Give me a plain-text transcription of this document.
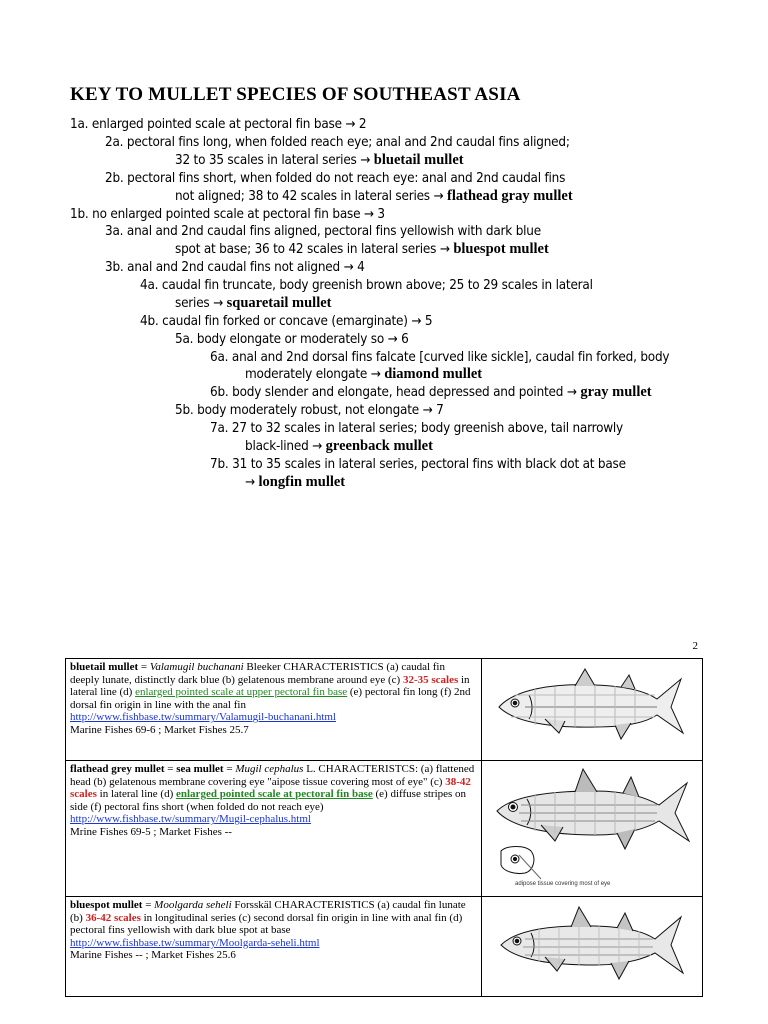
KEY TO MULLET SPECIES OF SOUTHEAST ASIA
1a. enlarged pointed scale at pectoral fin base → 2
2a. pectoral fins long, when folded reach eye; anal and 2nd caudal fins aligned;
32 to 35 scales in lateral series → bluetail mullet
2b. pectoral fins short, when folded do not reach eye: anal and 2nd caudal fins
not aligned; 38 to 42 scales in lateral series → flathead gray mullet
1b. no enlarged pointed scale at pectoral fin base → 3
3a. anal and 2nd caudal fins aligned, pectoral fins yellowish with dark blue
spot at base; 36 to 42 scales in lateral series → bluespot mullet
3b. anal and 2nd caudal fins not aligned → 4
4a. caudal fin truncate, body greenish brown above; 25 to 29 scales in lateral
series → squaretail mullet
4b. caudal fin forked or concave (emarginate) → 5
5a. body elongate or moderately so → 6
6a. anal and 2nd dorsal fins falcate [curved like sickle], caudal fin forked, body
moderately elongate → diamond mullet
6b. body slender and elongate, head depressed and pointed → gray mullet
5b. body moderately robust, not elongate → 7
7a. 27 to 32 scales in lateral series; body greenish above, tail narrowly
black-lined → greenback mullet
7b. 31 to 35 scales in lateral series, pectoral fins with black dot at base
→ longfin mullet
2
bluetail mullet = Valamugil buchanani Bleeker CHARACTERISTICS (a) caudal fin deeply lunate, distinctly dark blue (b) gelatenous membrane around eye (c) 32-35 scales in lateral line (d) enlarged pointed scale at upper pectoral fin base (e) pectoral fin long (f) 2nd dorsal fin origin in line with the anal fin
http://www.fishbase.tw/summary/Valamugil-buchanani.html
Marine Fishes 69-6 ; Market Fishes 25.7	
flathead grey mullet = sea mullet = Mugil cephalus L. CHARACTERISTCS: (a) flattened head (b) gelatenous membrane covering eye "aipose tissue covering most of eye" (c) 38-42 scales in lateral line (d) enlarged pointed scale at pectoral fin base (e) diffuse stripes on side (f) pectoral fins short (when folded do not reach eye)
http://www.fishbase.tw/summary/Mugil-cephalus.html
Mrine Fishes 69-5 ; Market Fishes --	adipose tissue covering most of eye

bluespot mullet = Moolgarda seheli Forsskäl CHARACTERISTICS (a) caudal fin lunate (b) 36-42 scales in longitudinal series (c) second dorsal fin origin in line with anal fin (d) pectoral fins yellowish with dark blue spot at base
http://www.fishbase.tw/summary/Moolgarda-seheli.html
Marine Fishes -- ; Market Fishes 25.6	
